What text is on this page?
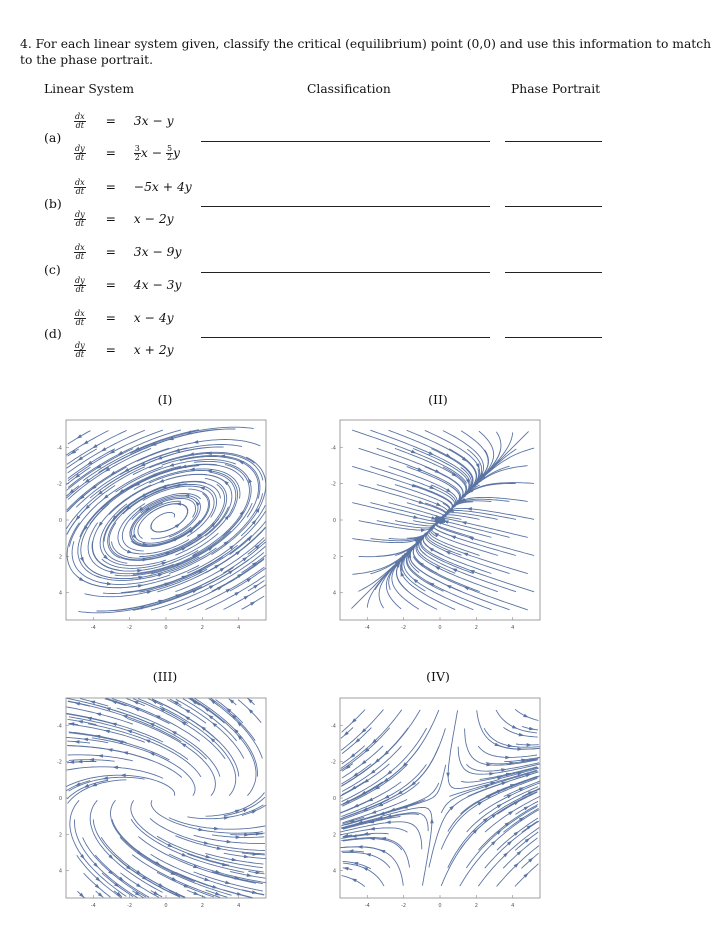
4. For each linear system given, classify the critical (equilibrium) point (0,0) and use this information to match to the phase portrait.
Linear System	Classification	Phase Portrait
(a)
$\frac{dx}{dt} = 3x - y$
$\frac{dy}{dt} = \frac{3}{2}$ $x - \frac{5}{2}$ y
(b)
$\frac{dx}{dt} = -5x + 4y$
$\frac{dy}{dt} = x - 2y$
(c)
$\frac{dx}{dt} = 3x - 9y$
$\frac{dy}{dt} = 4x - 3y$
(d)
$\frac{dx}{dt} = x - 4y$
$\frac{dy}{dt} = x + 2y$
(I)	(II)
(III)	(IV)
-4
4
-2
2
0
0
2
-2
4
-4
-4
4
-2
2
0
0
2
-2
4
-4
-4
4
-2
2
0
0
2
-2
4
-4
-4
4
-2
2
0
0
2
-2
4
-4
